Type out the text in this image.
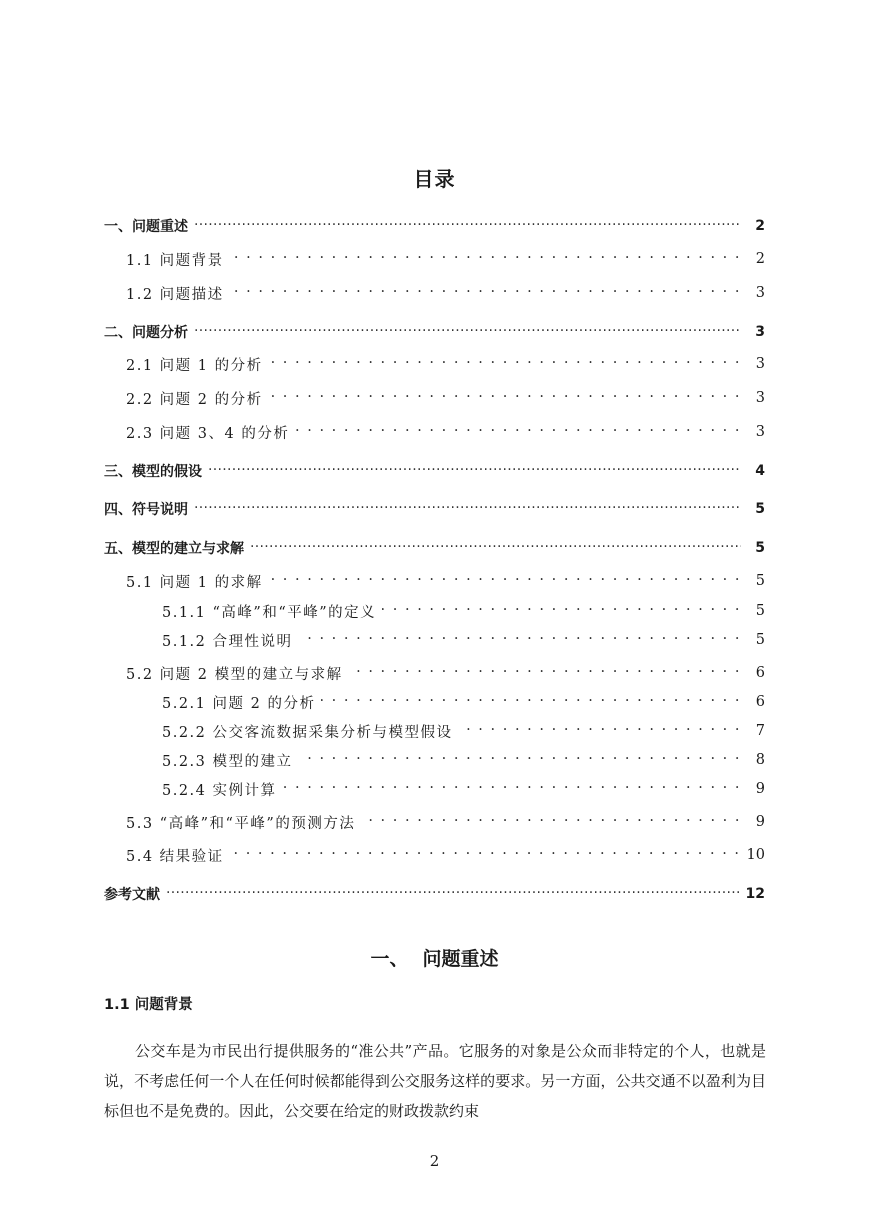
目录
一、问题重述 ·····	2
1.1 问题背景 · ·	2
1.2 问题描述 · ·	3
二、问题分析 ·····	3
2.1 问题 1 的分析 · ·	3
2.2 问题 2 的分析 · ·	3
2.3 问题 3、4 的分析 · ·	3
三、模型的假设 ·····	4
四、符号说明 ·····	5
五、模型的建立与求解 ·····	5
5.1 问题 1 的求解 · ·	5
5.1.1 “高峰”和“平峰”的定义 · ·	5
5.1.2 合理性说明 · ·	5
5.2 问题 2 模型的建立与求解 · ·	6
5.2.1 问题 2 的分析 · ·	6
5.2.2 公交客流数据采集分析与模型假设 · ·	7
5.2.3 模型的建立 · ·	8
5.2.4 实例计算 · ·	9
5.3 “高峰”和“平峰”的预测方法 · ·	9
5.4 结果验证 · ·	10
参考文献 ·····	12
一、 问题重述
1.1 问题背景

公交车是为市民出行提供服务的“准公共”产品。它服务的对象是公众而非特定的个人，也就是说，不考虑任何一个人在任何时候都能得到公交服务这样的要求。另一方面，公共交通不以盈利为目标但也不是免费的。因此，公交要在给定的财政拨款约束

2
